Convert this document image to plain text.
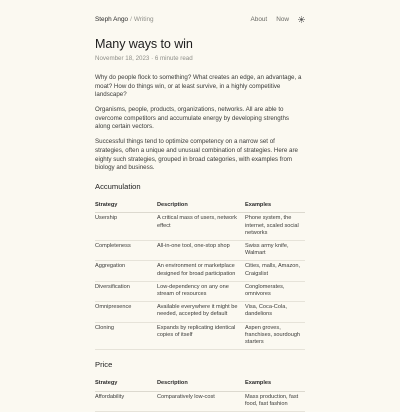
Steph Ango / Writing	About Now
Many ways to win
November 18, 2023 · 6 minute read

Why do people flock to something? What creates an edge, an advantage, a moat? How do things win, or at least survive, in a highly competitive landscape?

Organisms, people, products, organizations, networks. All are able to overcome competitors and accumulate energy by developing strengths along certain vectors.

Successful things tend to optimize competency on a narrow set of strategies, often a unique and unusual combination of strategies. Here are eighty such strategies, grouped in broad categories, with examples from biology and business.

Accumulation
Strategy	Description	Examples
Usership	A critical mass of users, network effect	Phone system, the internet, scaled social networks
Completeness	All-in-one tool, one-stop shop	Swiss army knife, Walmart
Aggregation	An environment or marketplace designed for broad participation	Cities, malls, Amazon, Craigslist
Diversification	Low-dependency on any one stream of resources	Conglomerates, omnivores
Omnipresence	Available everywhere it might be needed, accepted by default	Visa, Coca-Cola, dandelions
Cloning	Expands by replicating identical copies of itself	Aspen groves, franchises, sourdough starters
Price
Strategy	Description	Examples
Affordability	Comparatively low-cost	Mass production, fast food, fast fashion
